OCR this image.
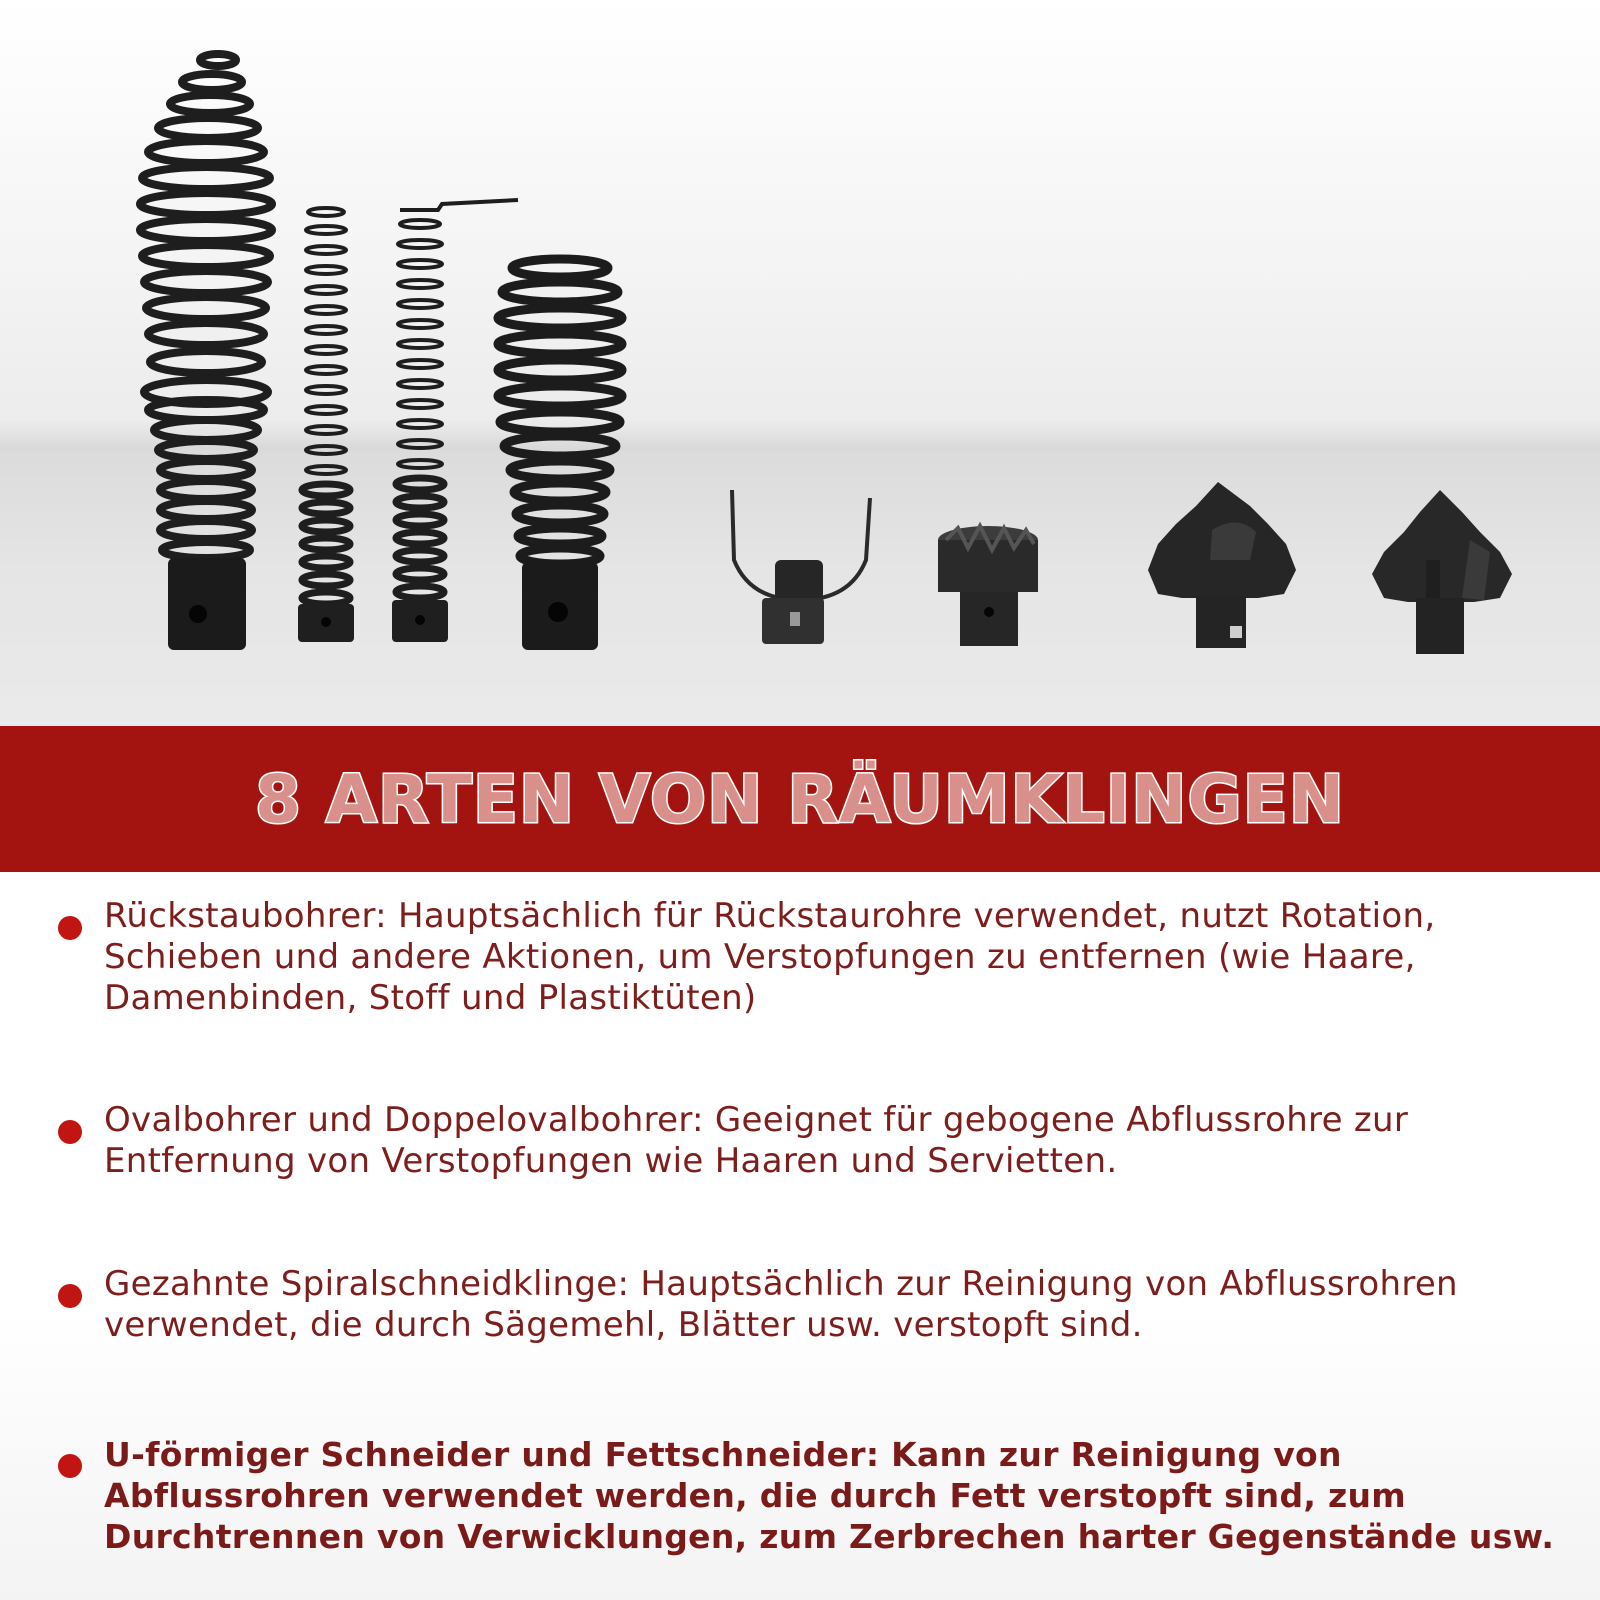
8 ARTEN VON RÄUMKLINGEN
Rückstaubohrer: Hauptsächlich für Rückstaurohre verwendet, nutzt Rotation, Schieben und andere Aktionen, um Verstopfungen zu entfernen (wie Haare, Damenbinden, Stoff und Plastiktüten)
Ovalbohrer und Doppelovalbohrer: Geeignet für gebogene Abflussrohre zur Entfernung von Verstopfungen wie Haaren und Servietten.
Gezahnte Spiralschneidklinge: Hauptsächlich zur Reinigung von Abflussrohren verwendet, die durch Sägemehl, Blätter usw. verstopft sind.
U-förmiger Schneider und Fettschneider: Kann zur Reinigung von Abflussrohren verwendet werden, die durch Fett verstopft sind, zum Durchtrennen von Verwicklungen, zum Zerbrechen harter Gegenstände usw.
